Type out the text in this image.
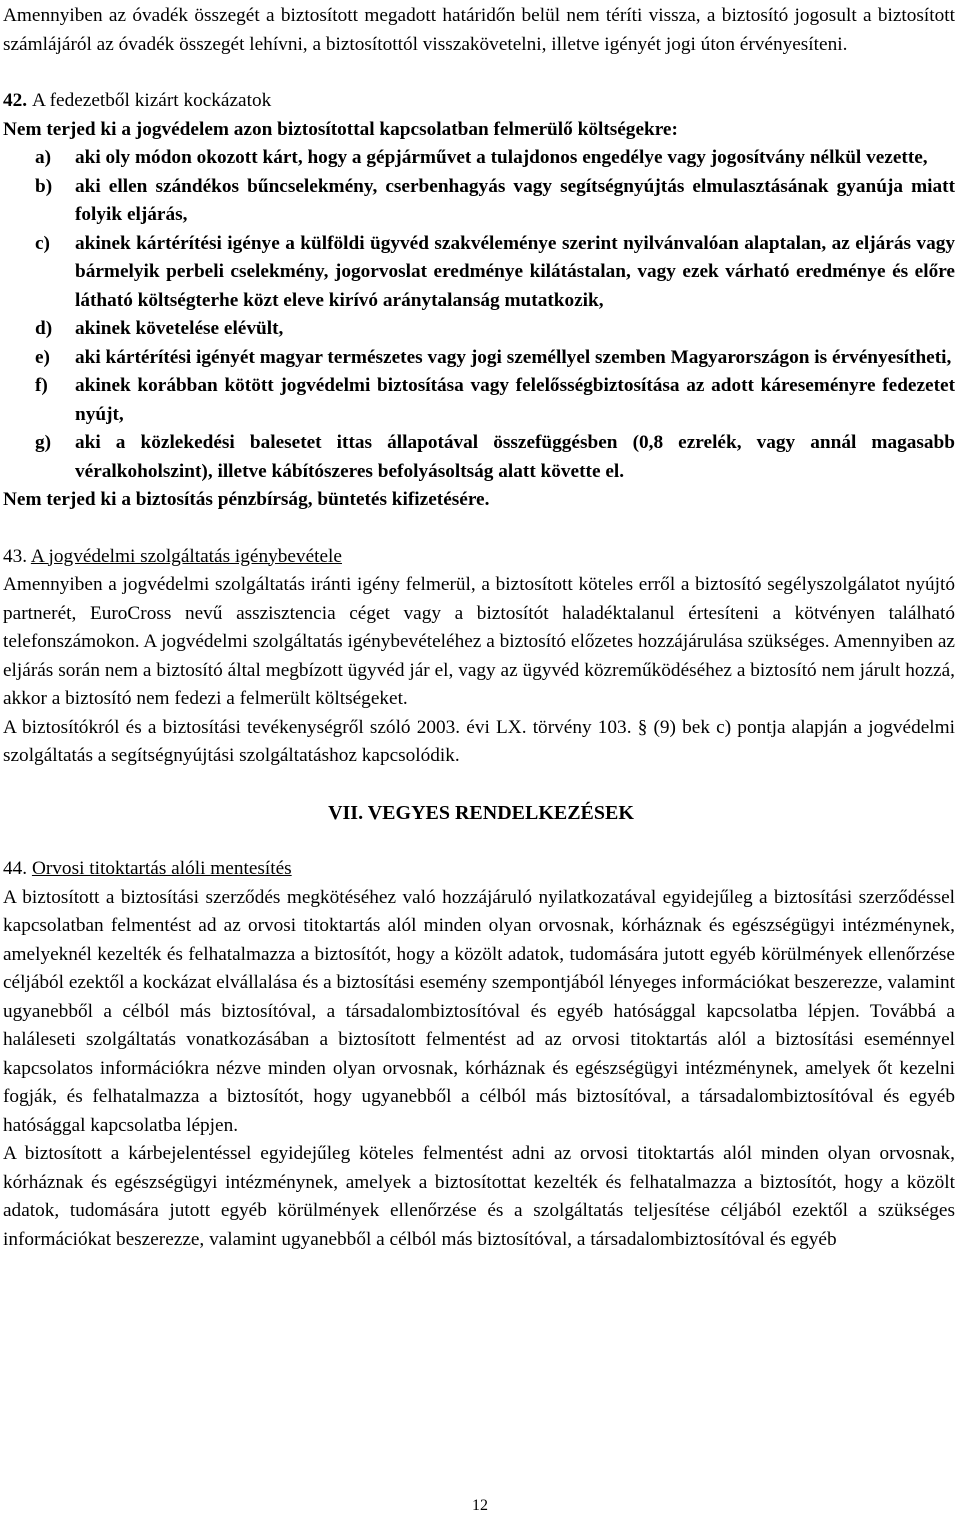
Amennyiben az óvadék összegét a biztosított megadott határidőn belül nem téríti vissza, a biztosító jogosult a biztosított számlájáról az óvadék összegét lehívni, a biztosítottól visszakövetelni, illetve igényét jogi úton érvényesíteni.

42. A fedezetből kizárt kockázatok

Nem terjed ki a jogvédelem azon biztosítottal kapcsolatban felmerülő költségekre:

a) aki oly módon okozott kárt, hogy a gépjárművet a tulajdonos engedélye vagy jogosítvány nélkül vezette,
b) aki ellen szándékos bűncselekmény, cserbenhagyás vagy segítségnyújtás elmulasztásának gyanúja miatt folyik eljárás,
c) akinek kártérítési igénye a külföldi ügyvéd szakvéleménye szerint nyilvánvalóan alaptalan, az eljárás vagy bármelyik perbeli cselekmény, jogorvoslat eredménye kilátástalan, vagy ezek várható eredménye és előre látható költségterhe közt eleve kirívó aránytalanság mutatkozik,
d) akinek követelése elévült,
e) aki kártérítési igényét magyar természetes vagy jogi személlyel szemben Magyarországon is érvényesítheti,
f) akinek korábban kötött jogvédelmi biztosítása vagy felelősségbiztosítása az adott káreseményre fedezetet nyújt,
g) aki a közlekedési balesetet ittas állapotával összefüggésben (0,8 ezrelék, vagy annál magasabb véralkoholszint), illetve kábítószeres befolyásoltság alatt követte el.

Nem terjed ki a biztosítás pénzbírság, büntetés kifizetésére.

43. A jogvédelmi szolgáltatás igénybevétele

Amennyiben a jogvédelmi szolgáltatás iránti igény felmerül, a biztosított köteles erről a biztosító segélyszolgálatot nyújtó partnerét, EuroCross nevű asszisztencia céget vagy a biztosítót haladéktalanul értesíteni a kötvényen található telefonszámokon. A jogvédelmi szolgáltatás igénybevételéhez a biztosító előzetes hozzájárulása szükséges. Amennyiben az eljárás során nem a biztosító által megbízott ügyvéd jár el, vagy az ügyvéd közreműködéséhez a biztosító nem járult hozzá, akkor a biztosító nem fedezi a felmerült költségeket.

A biztosítókról és a biztosítási tevékenységről szóló 2003. évi LX. törvény 103. § (9) bek c) pontja alapján a jogvédelmi szolgáltatás a segítségnyújtási szolgáltatáshoz kapcsolódik.

VII. VEGYES RENDELKEZÉSEK

44. Orvosi titoktartás alóli mentesítés

A biztosított a biztosítási szerződés megkötéséhez való hozzájáruló nyilatkozatával egyidejűleg a biztosítási szerződéssel kapcsolatban felmentést ad az orvosi titoktartás alól minden olyan orvosnak, kórháznak és egészségügyi intézménynek, amelyeknél kezelték és felhatalmazza a biztosítót, hogy a közölt adatok, tudomására jutott egyéb körülmények ellenőrzése céljából ezektől a kockázat elvállalása és a biztosítási esemény szempontjából lényeges információkat beszerezze, valamint ugyanebből a célból más biztosítóval, a társadalombiztosítóval és egyéb hatósággal kapcsolatba lépjen. Továbbá a haláleseti szolgáltatás vonatkozásában a biztosított felmentést ad az orvosi titoktartás alól a biztosítási eseménnyel kapcsolatos információkra nézve minden olyan orvosnak, kórháznak és egészségügyi intézménynek, amelyek őt kezelni fogják, és felhatalmazza a biztosítót, hogy ugyanebből a célból más biztosítóval, a társadalombiztosítóval és egyéb hatósággal kapcsolatba lépjen.

A biztosított a kárbejelentéssel egyidejűleg köteles felmentést adni az orvosi titoktartás alól minden olyan orvosnak, kórháznak és egészségügyi intézménynek, amelyek a biztosítottat kezelték és felhatalmazza a biztosítót, hogy a közölt adatok, tudomására jutott egyéb körülmények ellenőrzése és a szolgáltatás teljesítése céljából ezektől a szükséges információkat beszerezze, valamint ugyanebből a célból más biztosítóval, a társadalombiztosítóval és egyéb

12
